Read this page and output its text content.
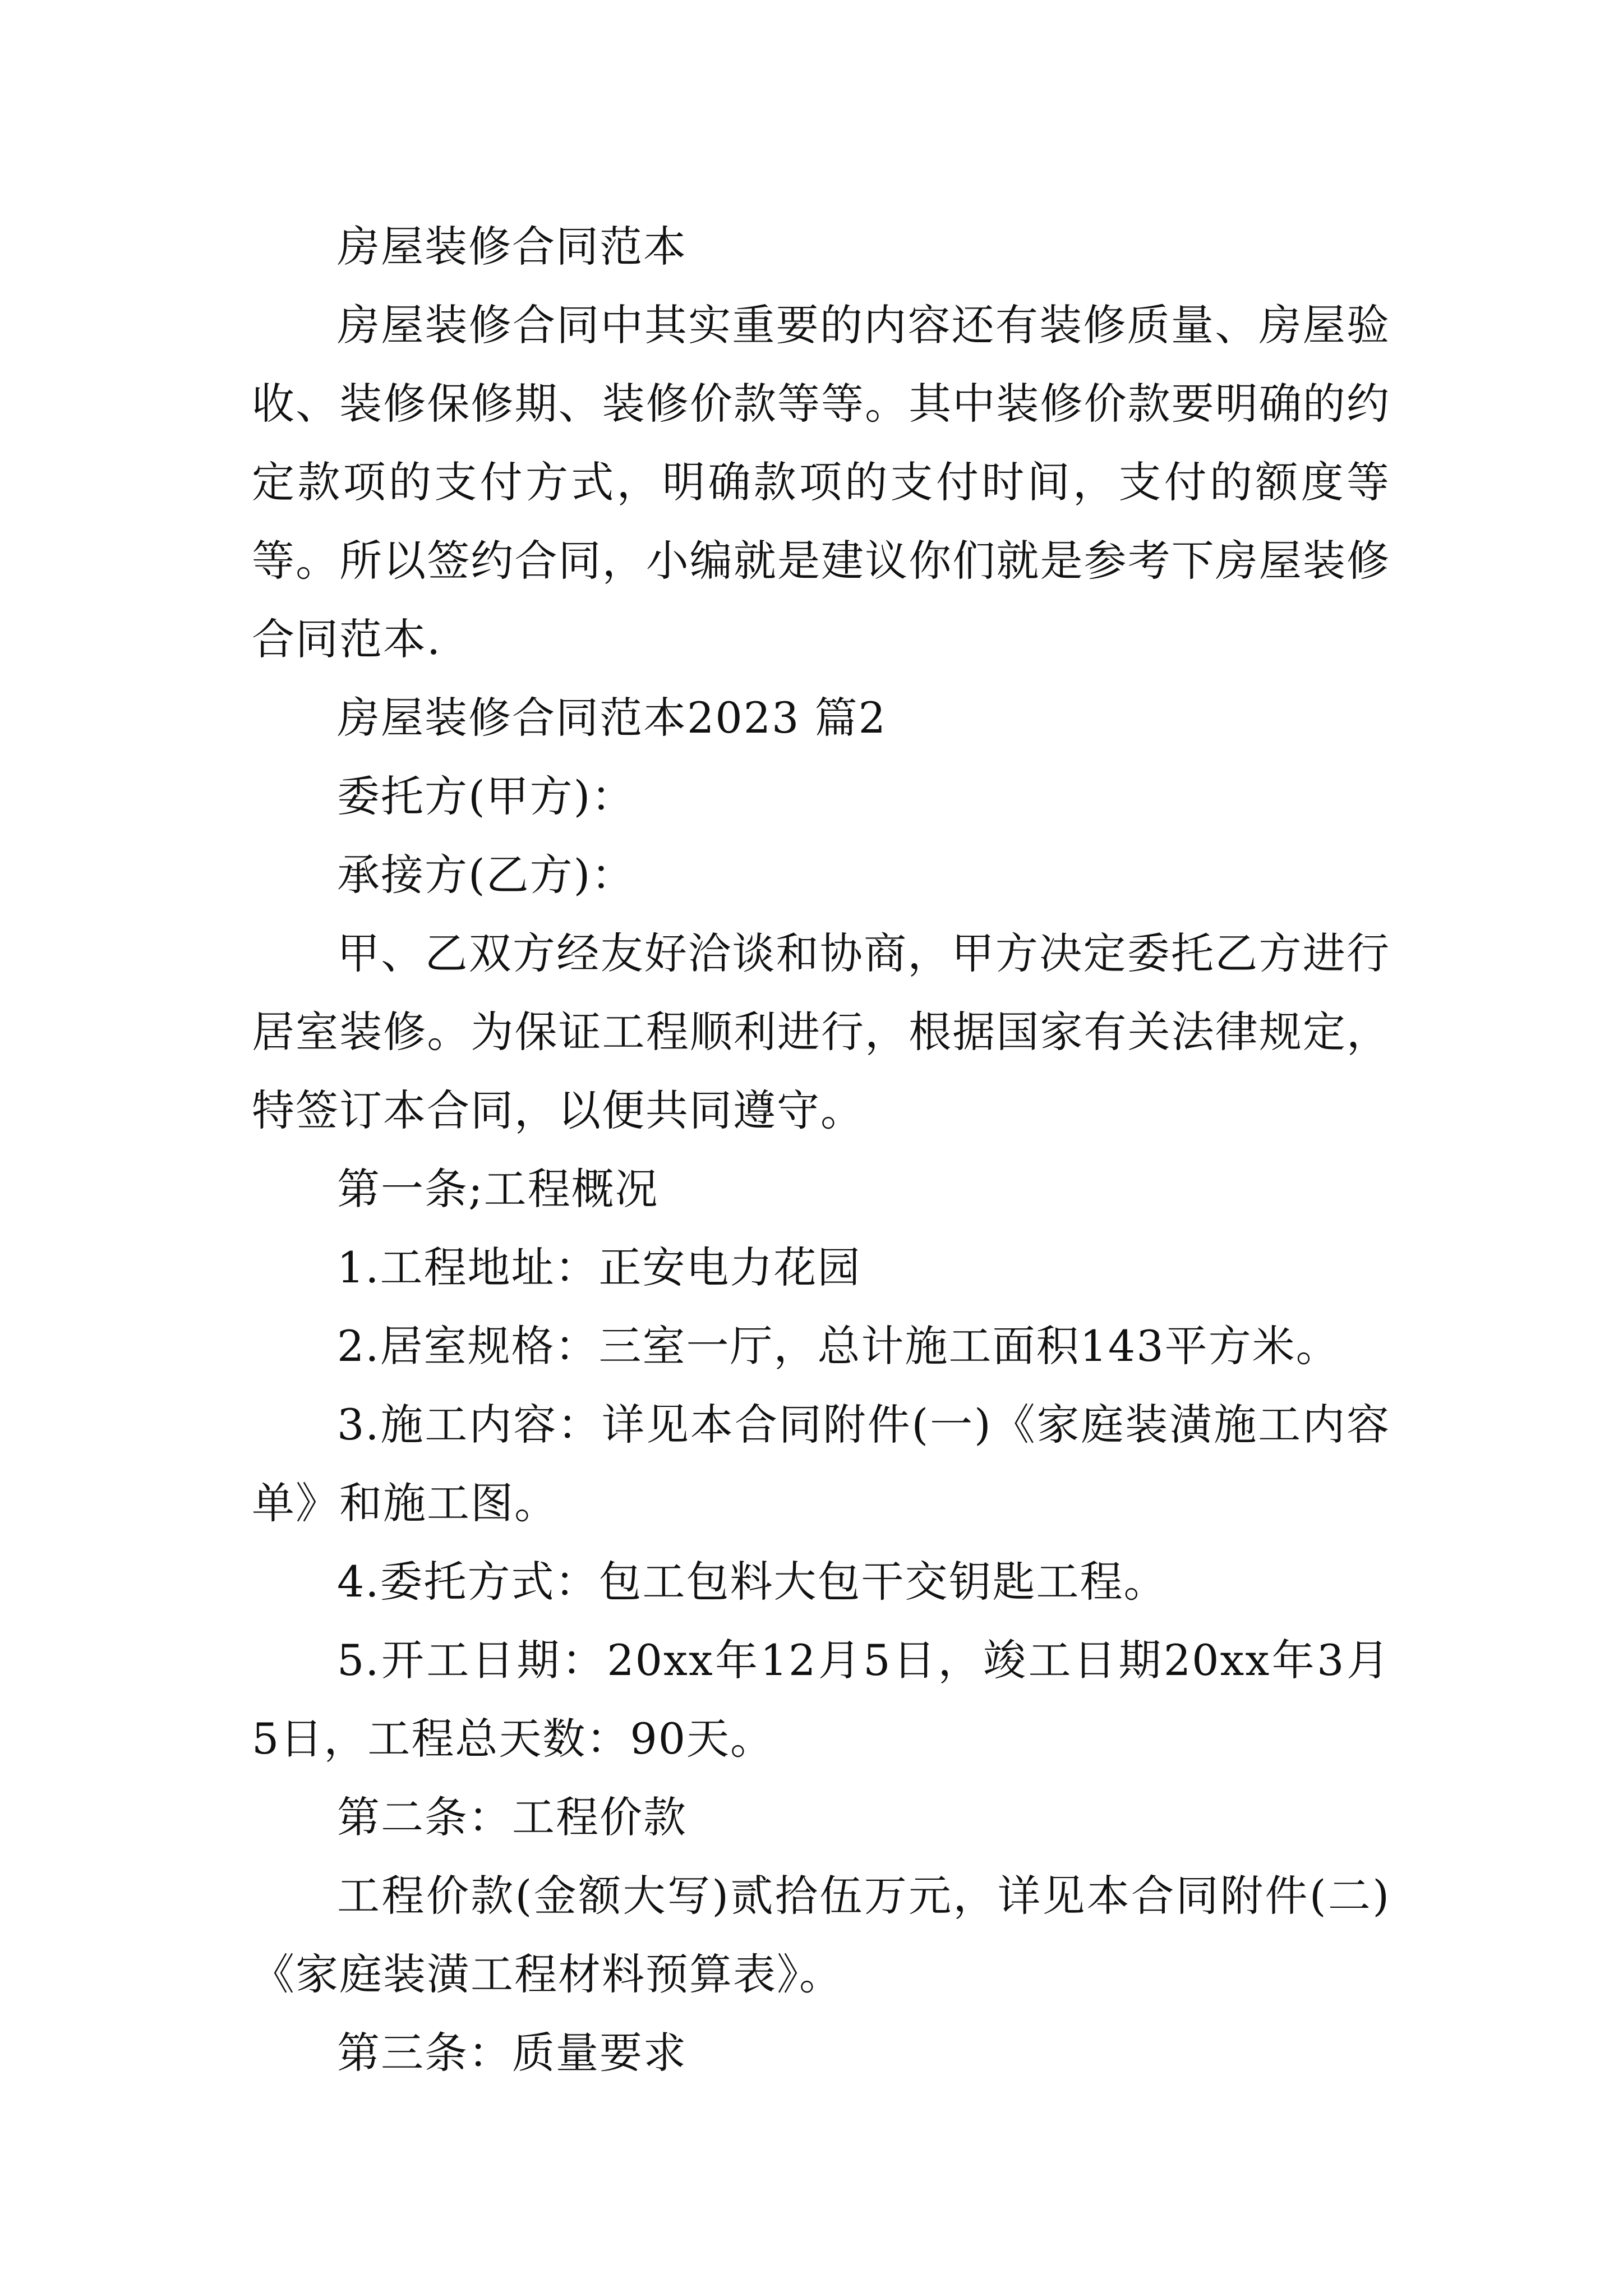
房屋装修合同范本

房屋装修合同中其实重要的内容还有装修质量、房屋验收、装修保修期、装修价款等等。其中装修价款要明确的约定款项的支付方式，明确款项的支付时间，支付的额度等等。所以签约合同，小编就是建议你们就是参考下房屋装修合同范本.

房屋装修合同范本2023 篇2

委托方(甲方)：

承接方(乙方)：

甲、乙双方经友好洽谈和协商，甲方决定委托乙方进行居室装修。为保证工程顺利进行，根据国家有关法律规定，特签订本合同，以便共同遵守。

第一条;工程概况

1.工程地址：正安电力花园

2.居室规格：三室一厅，总计施工面积143平方米。

3.施工内容：详见本合同附件(一)《家庭装潢施工内容单》和施工图。

4.委托方式：包工包料大包干交钥匙工程。

5.开工日期：20xx年12月5日，竣工日期20xx年3月5日，工程总天数：90天。

第二条：工程价款

工程价款(金额大写)贰拾伍万元，详见本合同附件(二)《家庭装潢工程材料预算表》。

第三条：质量要求
